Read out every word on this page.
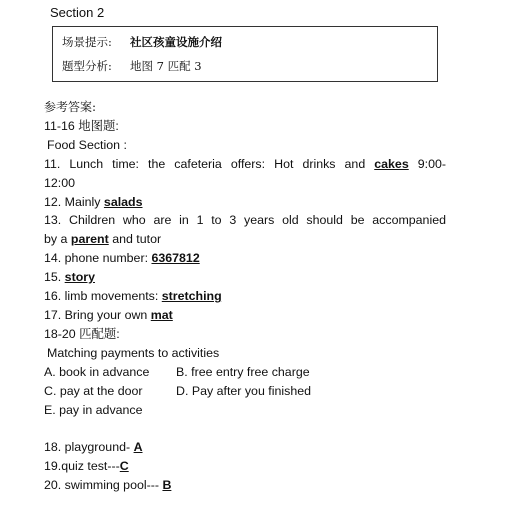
Section 2
场景提示: 社区孩童设施介绍
题型分析: 地图 7 匹配 3
参考答案:
11-16 地图题:
Food Section :
11. Lunch time: the cafeteria offers: Hot drinks and cakes 9:00-
12:00
12. Mainly salads
13. Children who are in 1 to 3 years old should be accompanied
by a parent and tutor
14. phone number: 6367812
15. story
16. limb movements: stretching
17. Bring your own mat
18-20 匹配题:
Matching payments to activities
A. book in advance B. free entry free charge
C. pay at the door	D. Pay after you finished
E. pay in advance
18. playground- A
19.quiz test---C
20. swimming pool--- B
